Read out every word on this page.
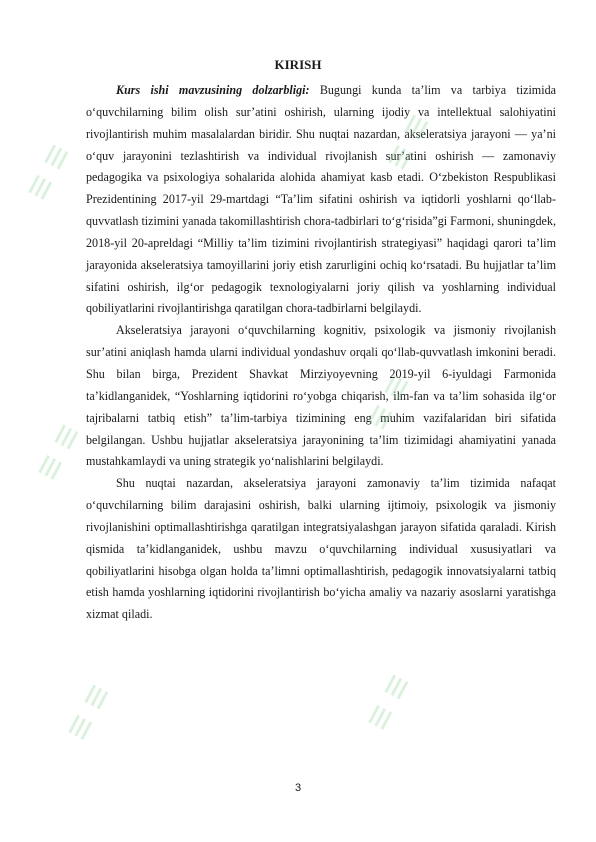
KIRISH

Kurs ishi mavzusining dolzarbligi: Bugungi kunda ta’lim va tarbiya tizimida o‘quvchilarning bilim olish sur’atini oshirish, ularning ijodiy va intellektual salohiyatini rivojlantirish muhim masalalardan biridir. Shu nuqtai nazardan, akseleratsiya jarayoni — ya’ni o‘quv jarayonini tezlashtirish va individual rivojlanish sur’atini oshirish — zamonaviy pedagogika va psixologiya sohalarida alohida ahamiyat kasb etadi. O‘zbekiston Respublikasi Prezidentining 2017-yil 29-martdagi “Ta’lim sifatini oshirish va iqtidorli yoshlarni qo‘llab-quvvatlash tizimini yanada takomillashtirish chora-tadbirlari to‘g‘risida”gi Farmoni, shuningdek, 2018-yil 20-apreldagi “Milliy ta’lim tizimini rivojlantirish strategiyasi” haqidagi qarori ta’lim jarayonida akseleratsiya tamoyillarini joriy etish zarurligini ochiq ko‘rsatadi. Bu hujjatlar ta’lim sifatini oshirish, ilg‘or pedagogik texnologiyalarni joriy qilish va yoshlarning individual qobiliyatlarini rivojlantirishga qaratilgan chora-tadbirlarni belgilaydi.

Akseleratsiya jarayoni o‘quvchilarning kognitiv, psixologik va jismoniy rivojlanish sur’atini aniqlash hamda ularni individual yondashuv orqali qo‘llab-quvvatlash imkonini beradi. Shu bilan birga, Prezident Shavkat Mirziyoyevning 2019-yil 6-iyuldagi Farmonida ta’kidlanganidek, “Yoshlarning iqtidorini ro‘yobga chiqarish, ilm-fan va ta’lim sohasida ilg‘or tajribalarni tatbiq etish” ta’lim-tarbiya tizimining eng muhim vazifalaridan biri sifatida belgilangan. Ushbu hujjatlar akseleratsiya jarayonining ta’lim tizimidagi ahamiyatini yanada mustahkamlaydi va uning strategik yo‘nalishlarini belgilaydi.

Shu nuqtai nazardan, akseleratsiya jarayoni zamonaviy ta’lim tizimida nafaqat o‘quvchilarning bilim darajasini oshirish, balki ularning ijtimoiy, psixologik va jismoniy rivojlanishini optimallashtirishga qaratilgan integratsiyalashgan jarayon sifatida qaraladi. Kirish qismida ta’kidlanganidek, ushbu mavzu o‘quvchilarning individual xususiyatlari va qobiliyatlarini hisobga olgan holda ta’limni optimallashtirish, pedagogik innovatsiyalarni tatbiq etish hamda yoshlarning iqtidorini rivojlantirish bo‘yicha amaliy va nazariy asoslarni yaratishga xizmat qiladi.

3
≡ ≡	≡ ≡
≡ ≡
≡ ≡
≡ ≡	≡ ≡
